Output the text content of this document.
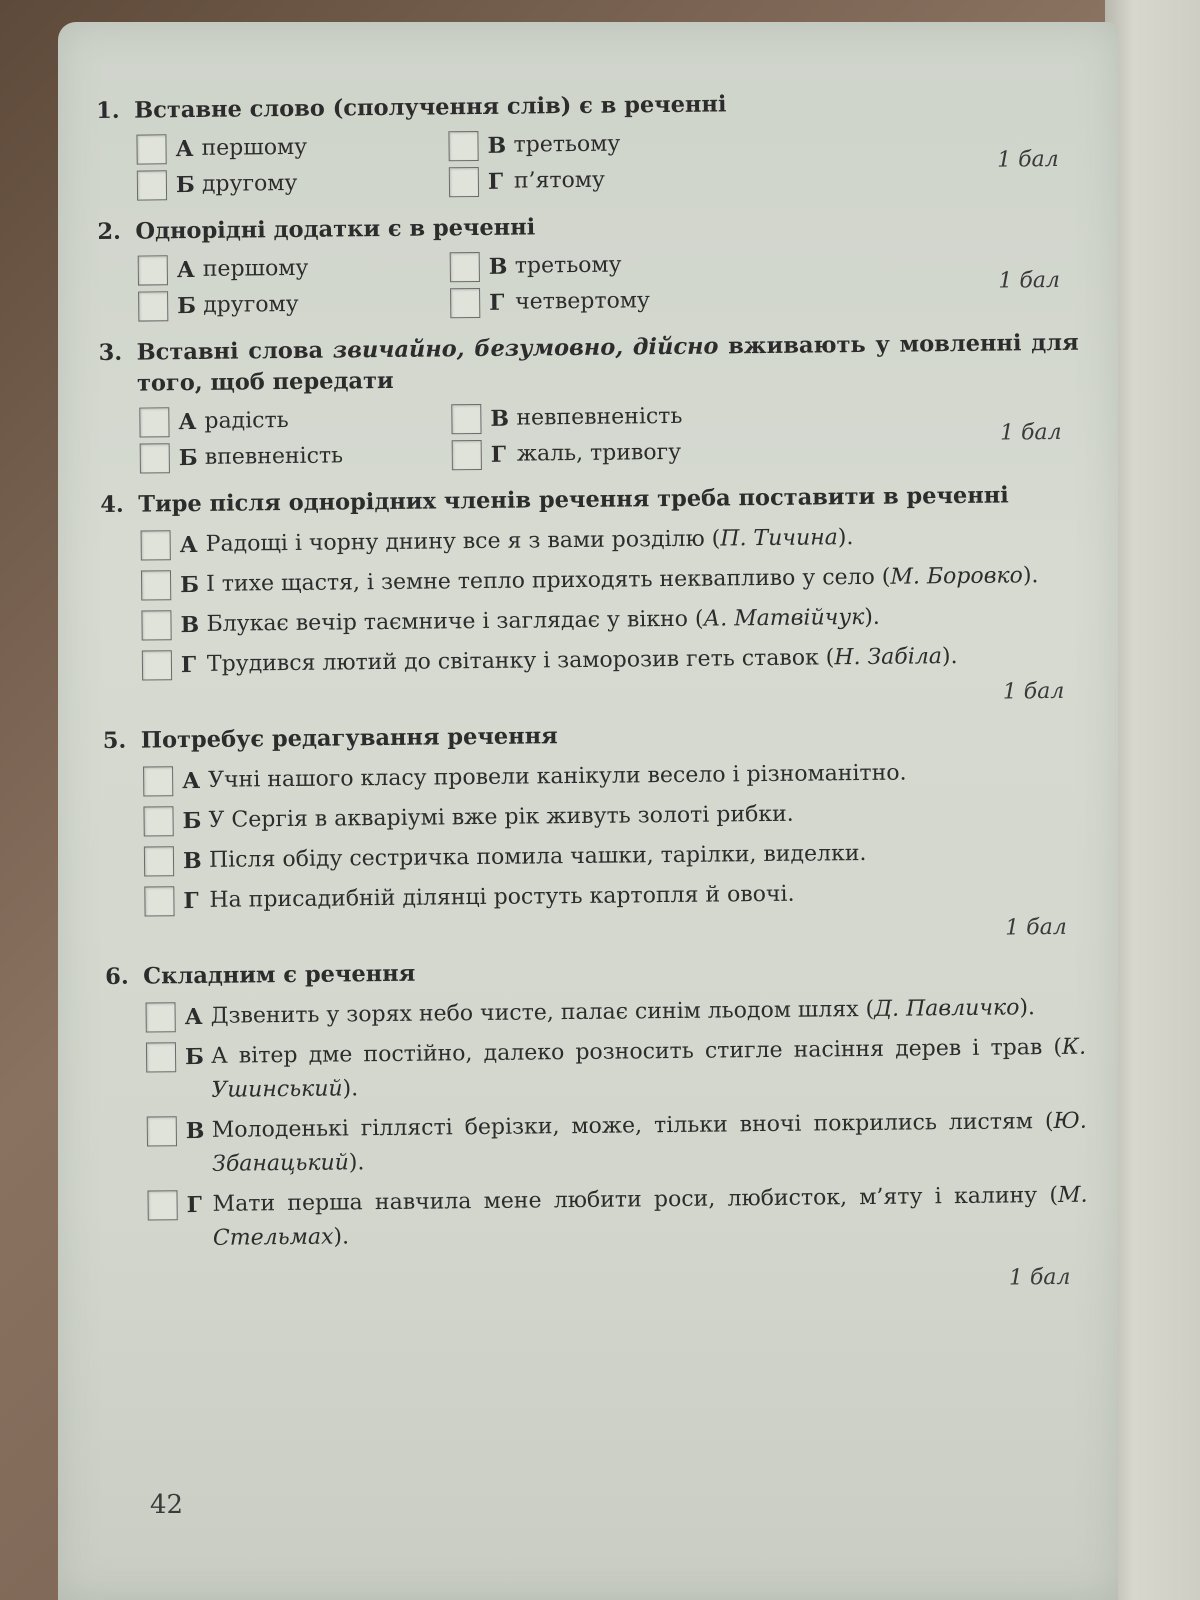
1. Вставне слово (сполучення слів) є в реченні
А першому
Б другому
В третьому
Г п’ятому
1 бал
2. Однорідні додатки є в реченні
А першому
Б другому
В третьому
Г четвертому
1 бал
3. Вставні слова звичайно, безумовно, дійсно вживають у мовленні для того, щоб передати
А радість
Б впевненість
В невпевненість
Г жаль, тривогу
1 бал
4. Тире після однорідних членів речення треба поставити в реченні
А Радощі і чорну днину все я з вами розділю (П. Тичина).
Б І тихе щастя, і земне тепло приходять неквапливо у село (М. Боровко).
В Блукає вечір таємниче і заглядає у вікно (А. Матвійчук).
Г Трудився лютий до світанку і заморозив геть ставок (Н. Забіла).
1 бал
5. Потребує редагування речення
А Учні нашого класу провели канікули весело і різноманітно.
Б У Сергія в акваріумі вже рік живуть золоті рибки.
В Після обіду сестричка помила чашки, тарілки, виделки.
Г На присадибній ділянці ростуть картопля й овочі.
1 бал
6. Складним є речення
А Дзвенить у зорях небо чисте, палає синім льодом шлях (Д. Павличко).
Б А вітер дме постійно, далеко розносить стигле насіння дерев і трав (К. Ушинський).
В Молоденькі гіллясті берізки, може, тільки вночі покрились листям (Ю. Збанацький).
Г Мати перша навчила мене любити роси, любисток, м’яту і калину (М. Стельмах).
1 бал
42
